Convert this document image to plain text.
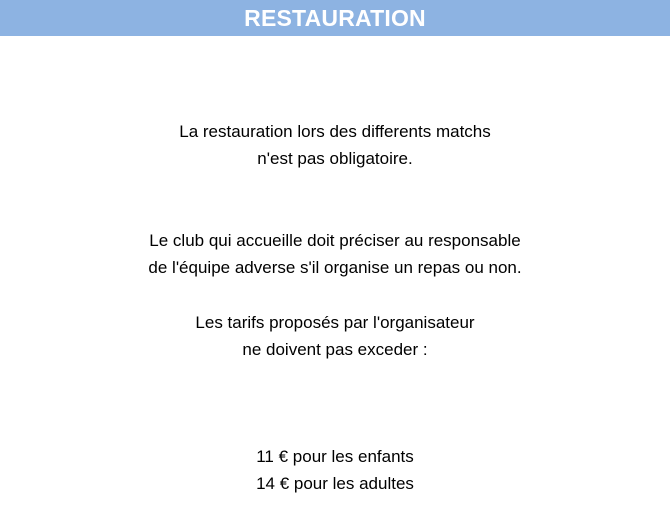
RESTAURATION
La restauration lors des differents matchs
n'est pas obligatoire.
Le club qui accueille doit préciser au responsable
de l'équipe adverse s'il organise un repas ou non.
Les tarifs proposés par l'organisateur
ne doivent pas exceder :
11 € pour les enfants
14 € pour les adultes
